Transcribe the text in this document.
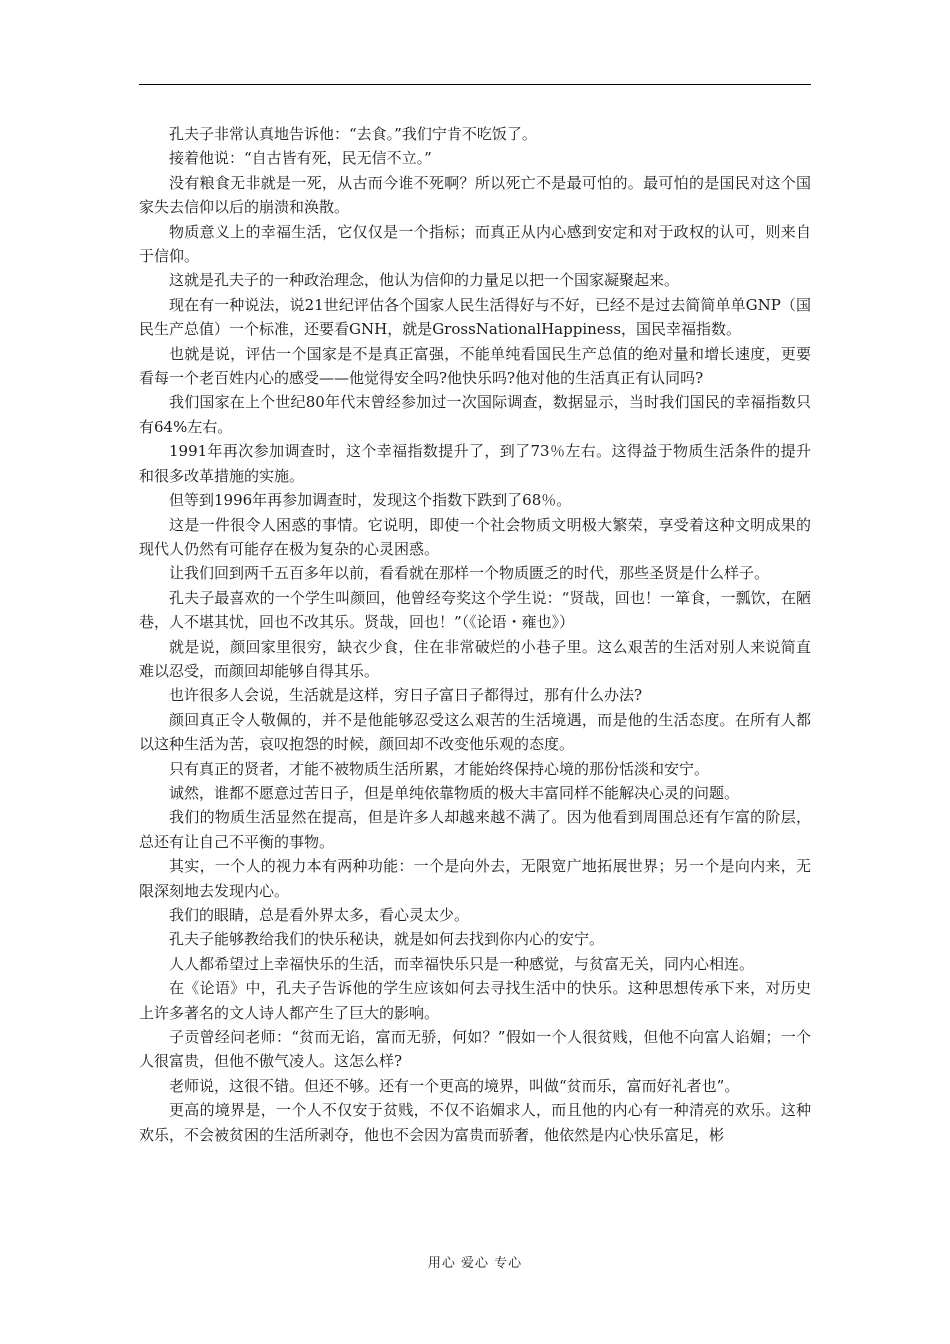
孔夫子非常认真地告诉他：“去食。”我们宁肯不吃饭了。

接着他说：“自古皆有死，民无信不立。”

没有粮食无非就是一死，从古而今谁不死啊？所以死亡不是最可怕的。最可怕的是国民对这个国家失去信仰以后的崩溃和涣散。

物质意义上的幸福生活，它仅仅是一个指标；而真正从内心感到安定和对于政权的认可，则来自于信仰。

这就是孔夫子的一种政治理念，他认为信仰的力量足以把一个国家凝聚起来。

现在有一种说法，说21世纪评估各个国家人民生活得好与不好，已经不是过去简简单单GNP（国民生产总值）一个标准，还要看GNH，就是GrossNationalHappiness，国民幸福指数。

也就是说，评估一个国家是不是真正富强，不能单纯看国民生产总值的绝对量和增长速度，更要看每一个老百姓内心的感受——他觉得安全吗?他快乐吗?他对他的生活真正有认同吗?

我们国家在上个世纪80年代末曾经参加过一次国际调查，数据显示，当时我们国民的幸福指数只有64%左右。

1991年再次参加调查时，这个幸福指数提升了，到了73％左右。这得益于物质生活条件的提升和很多改革措施的实施。

但等到1996年再参加调查时，发现这个指数下跌到了68％。

这是一件很令人困惑的事情。它说明，即使一个社会物质文明极大繁荣，享受着这种文明成果的现代人仍然有可能存在极为复杂的心灵困惑。

让我们回到两千五百多年以前，看看就在那样一个物质匮乏的时代，那些圣贤是什么样子。

孔夫子最喜欢的一个学生叫颜回，他曾经夸奖这个学生说：“贤哉，回也！一箪食，一瓢饮，在陋巷，人不堪其忧，回也不改其乐。贤哉，回也！”（《论语・雍也》）

就是说，颜回家里很穷，缺衣少食，住在非常破烂的小巷子里。这么艰苦的生活对别人来说简直难以忍受，而颜回却能够自得其乐。

也许很多人会说，生活就是这样，穷日子富日子都得过，那有什么办法?

颜回真正令人敬佩的，并不是他能够忍受这么艰苦的生活境遇，而是他的生活态度。在所有人都以这种生活为苦，哀叹抱怨的时候，颜回却不改变他乐观的态度。

只有真正的贤者，才能不被物质生活所累，才能始终保持心境的那份恬淡和安宁。

诚然，谁都不愿意过苦日子，但是单纯依靠物质的极大丰富同样不能解决心灵的问题。

我们的物质生活显然在提高，但是许多人却越来越不满了。因为他看到周围总还有乍富的阶层，总还有让自己不平衡的事物。

其实，一个人的视力本有两种功能：一个是向外去，无限宽广地拓展世界；另一个是向内来，无限深刻地去发现内心。

我们的眼睛，总是看外界太多，看心灵太少。

孔夫子能够教给我们的快乐秘诀，就是如何去找到你内心的安宁。

人人都希望过上幸福快乐的生活，而幸福快乐只是一种感觉，与贫富无关，同内心相连。

在《论语》中，孔夫子告诉他的学生应该如何去寻找生活中的快乐。这种思想传承下来，对历史上许多著名的文人诗人都产生了巨大的影响。

子贡曾经问老师：“贫而无谄，富而无骄，何如？”假如一个人很贫贱，但他不向富人谄媚；一个人很富贵，但他不傲气凌人。这怎么样?

老师说，这很不错。但还不够。还有一个更高的境界，叫做“贫而乐，富而好礼者也”。

更高的境界是，一个人不仅安于贫贱，不仅不谄媚求人，而且他的内心有一种清亮的欢乐。这种欢乐，不会被贫困的生活所剥夺，他也不会因为富贵而骄奢，他依然是内心快乐富足，彬

用心 爱心 专心
